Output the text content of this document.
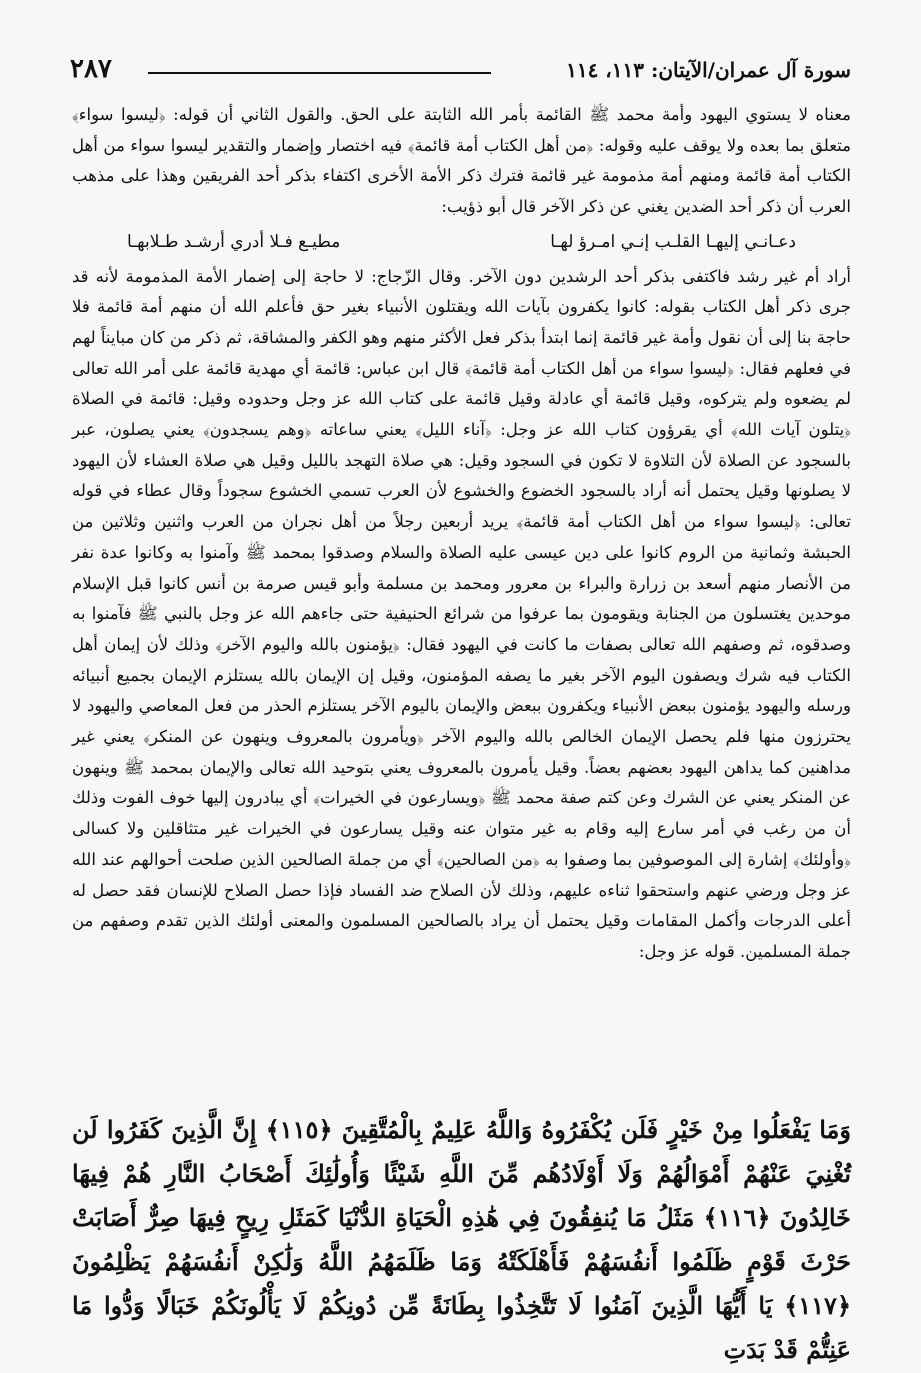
سورة آل عمران/الآيتان: ١١٣، ١١٤
٢٨٧

معناه لا يستوي اليهود وأمة محمد ﷺ القائمة بأمر الله الثابتة على الحق. والقول الثاني أن قوله: ﴿ليسوا سواء﴾ متعلق بما بعده ولا يوقف عليه وقوله: ﴿من أهل الكتاب أمة قائمة﴾ فيه اختصار وإضمار والتقدير ليسوا سواء من أهل الكتاب أمة قائمة ومنهم أمة مذمومة غير قائمة فترك ذكر الأمة الأخرى اكتفاء بذكر أحد الفريقين وهذا على مذهب العرب أن ذكر أحد الضدين يغني عن ذكر الآخر قال أبو ذؤيب:

دعـانـي إليهـا القلـب إنـي امـرؤ لهـا
مطيـع فـلا أدري أرشـد طـلابهـا

أراد أم غير رشد فاكتفى بذكر أحد الرشدين دون الآخر. وقال الزّجاج: لا حاجة إلى إضمار الأمة المذمومة لأنه قد جرى ذكر أهل الكتاب بقوله: كانوا يكفرون بآيات الله ويقتلون الأنبياء بغير حق فأعلم الله أن منهم أمة قائمة فلا حاجة بنا إلى أن نقول وأمة غير قائمة إنما ابتدأ بذكر فعل الأكثر منهم وهو الكفر والمشاقة، ثم ذكر من كان مبايناً لهم في فعلهم فقال: ﴿ليسوا سواء من أهل الكتاب أمة قائمة﴾ قال ابن عباس: قائمة أي مهدية قائمة على أمر الله تعالى لم يضعوه ولم يتركوه، وقيل قائمة أي عادلة وقيل قائمة على كتاب الله عز وجل وحدوده وقيل: قائمة في الصلاة ﴿يتلون آيات الله﴾ أي يقرؤون كتاب الله عز وجل: ﴿آناء الليل﴾ يعني ساعاته ﴿وهم يسجدون﴾ يعني يصلون، عبر بالسجود عن الصلاة لأن التلاوة لا تكون في السجود وقيل: هي صلاة التهجد بالليل وقيل هي صلاة العشاء لأن اليهود لا يصلونها وقيل يحتمل أنه أراد بالسجود الخضوع والخشوع لأن العرب تسمي الخشوع سجوداً وقال عطاء في قوله تعالى: ﴿ليسوا سواء من أهل الكتاب أمة قائمة﴾ يريد أربعين رجلاً من أهل نجران من العرب واثنين وثلاثين من الحبشة وثمانية من الروم كانوا على دين عيسى عليه الصلاة والسلام وصدقوا بمحمد ﷺ وآمنوا به وكانوا عدة نفر من الأنصار منهم أسعد بن زرارة والبراء بن معرور ومحمد بن مسلمة وأبو قيس صرمة بن أنس كانوا قبل الإسلام موحدين يغتسلون من الجنابة ويقومون بما عرفوا من شرائع الحنيفية حتى جاءهم الله عز وجل بالنبي ﷺ فآمنوا به وصدقوه، ثم وصفهم الله تعالى بصفات ما كانت في اليهود فقال: ﴿يؤمنون بالله واليوم الآخر﴾ وذلك لأن إيمان أهل الكتاب فيه شرك ويصفون اليوم الآخر بغير ما يصفه المؤمنون، وقيل إن الإيمان بالله يستلزم الإيمان بجميع أنبيائه ورسله واليهود يؤمنون ببعض الأنبياء ويكفرون ببعض والإيمان باليوم الآخر يستلزم الحذر من فعل المعاصي واليهود لا يحترزون منها فلم يحصل الإيمان الخالص بالله واليوم الآخر ﴿ويأمرون بالمعروف وينهون عن المنكر﴾ يعني غير مداهنين كما يداهن اليهود بعضهم بعضاً. وقيل يأمرون بالمعروف يعني بتوحيد الله تعالى والإيمان بمحمد ﷺ وينهون عن المنكر يعني عن الشرك وعن كتم صفة محمد ﷺ ﴿ويسارعون في الخيرات﴾ أي يبادرون إليها خوف الفوت وذلك أن من رغب في أمر سارع إليه وقام به غير متوان عنه وقيل يسارعون في الخيرات غير متثاقلين ولا كسالى ﴿وأولئك﴾ إشارة إلى الموصوفين بما وصفوا به ﴿من الصالحين﴾ أي من جملة الصالحين الذين صلحت أحوالهم عند الله عز وجل ورضي عنهم واستحقوا ثناءه عليهم، وذلك لأن الصلاح ضد الفساد فإذا حصل الصلاح للإنسان فقد حصل له أعلى الدرجات وأكمل المقامات وقيل يحتمل أن يراد بالصالحين المسلمون والمعنى أولئك الذين تقدم وصفهم من جملة المسلمين. قوله عز وجل:

وَمَا يَفْعَلُوا مِنْ خَيْرٍ فَلَن يُكْفَرُوهُ وَاللَّهُ عَلِيمٌ بِالْمُتَّقِينَ ﴿١١٥﴾ إِنَّ الَّذِينَ كَفَرُوا لَن تُغْنِيَ عَنْهُمْ أَمْوَالُهُمْ وَلَا أَوْلَادُهُم مِّنَ اللَّهِ شَيْئًا وَأُولَٰئِكَ أَصْحَابُ النَّارِ هُمْ فِيهَا خَالِدُونَ ﴿١١٦﴾ مَثَلُ مَا يُنفِقُونَ فِي هَٰذِهِ الْحَيَاةِ الدُّنْيَا كَمَثَلِ رِيحٍ فِيهَا صِرٌّ أَصَابَتْ حَرْثَ قَوْمٍ ظَلَمُوا أَنفُسَهُمْ فَأَهْلَكَتْهُ وَمَا ظَلَمَهُمُ اللَّهُ وَلَٰكِنْ أَنفُسَهُمْ يَظْلِمُونَ ﴿١١٧﴾ يَا أَيُّهَا الَّذِينَ آمَنُوا لَا تَتَّخِذُوا بِطَانَةً مِّن دُونِكُمْ لَا يَأْلُونَكُمْ خَبَالًا وَدُّوا مَا عَنِتُّمْ قَدْ بَدَتِ
